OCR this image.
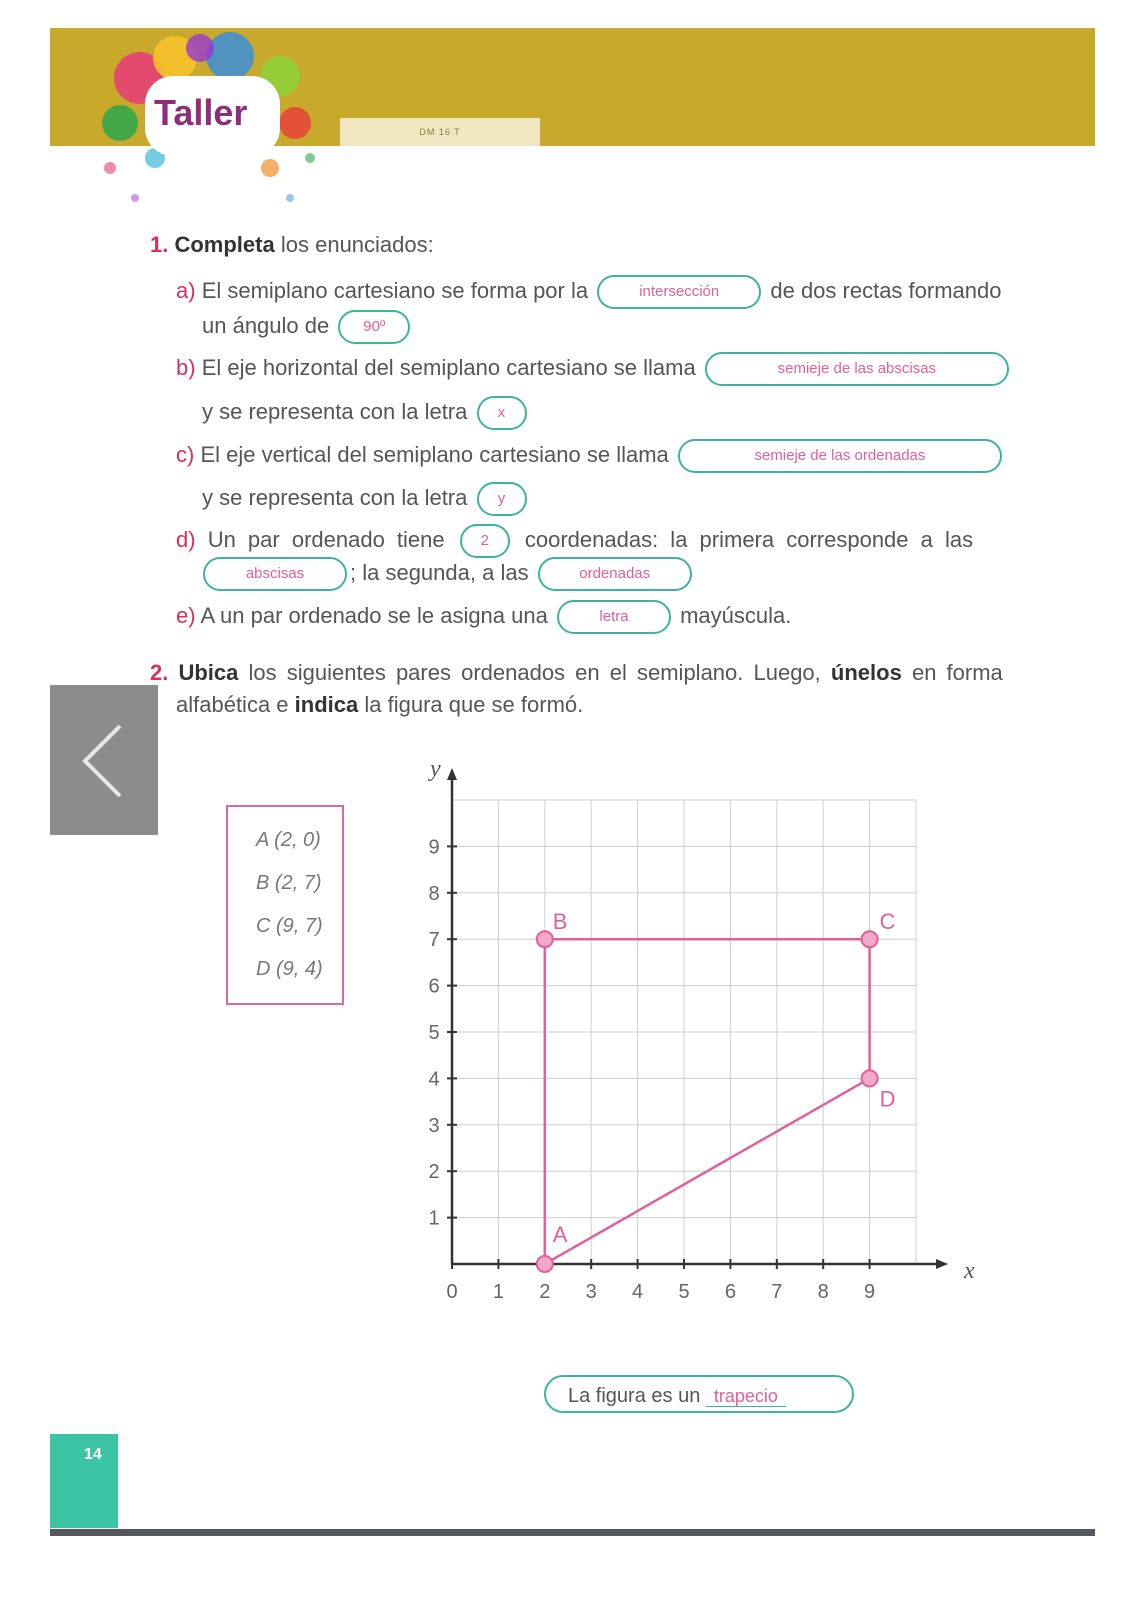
DM 16 T
Taller
14
1. Completa los enunciados:
a) El semiplano cartesiano se forma por la	intersección de dos rectas formando
un ángulo de 90º
b) El eje horizontal del semiplano cartesiano se llama	semieje de las abscisas
y se representa con la letra x
c) El eje vertical del semiplano cartesiano se llama	semieje de las ordenadas
y se representa con la letra y
d) Un par ordenado tiene 2 coordenadas: la primera corresponde a las
abscisas ; la segunda, a las	ordenadas
e) A un par ordenado se le asigna una	letra mayúscula.
2. Ubica los siguientes pares ordenados en el semiplano. Luego, únelos en forma
alfabética e indica la figura que se formó.
A (2, 0)
B (2, 7)
C (9, 7)
D (9, 4)
x
y
0 1 2 3 4 5 6 7 8 9
1
2
3
4
5
6
7
8
9
A
B	C
D
La figura es un trapecio
